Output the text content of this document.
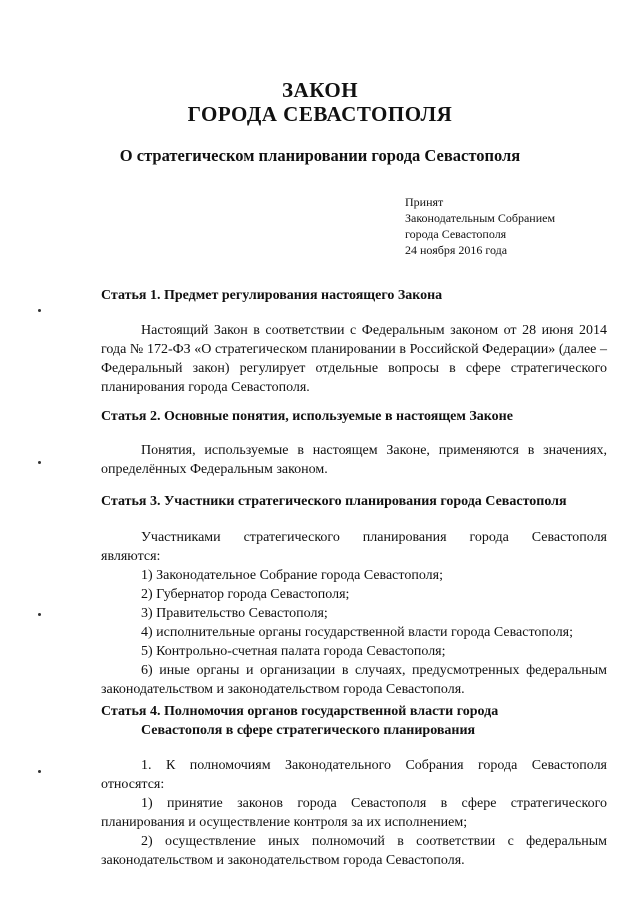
ЗАКОН
ГОРОДА СЕВАСТОПОЛЯ
О стратегическом планировании города Севастополя
Принят
Законодательным Собранием
города Севастополя
24 ноября 2016 года
Статья 1. Предмет регулирования настоящего Закона
Настоящий Закон в соответствии с Федеральным законом от 28 июня 2014 года № 172-ФЗ «О стратегическом планировании в Российской Федерации» (далее – Федеральный закон) регулирует отдельные вопросы в сфере стратегического планирования города Севастополя.
Статья 2. Основные понятия, используемые в настоящем Законе
Понятия, используемые в настоящем Законе, применяются в значениях, определённых Федеральным законом.
Статья 3. Участники стратегического планирования города Севастополя
Участниками стратегического планирования города Севастополя
являются:
1) Законодательное Собрание города Севастополя;
2) Губернатор города Севастополя;
3) Правительство Севастополя;
4) исполнительные органы государственной власти города Севастополя;
5) Контрольно-счетная палата города Севастополя;
6) иные органы и организации в случаях, предусмотренных федеральным законодательством и законодательством города Севастополя.
Статья 4. Полномочия органов государственной власти города
Севастополя в сфере стратегического планирования
1. К полномочиям Законодательного Собрания города Севастополя относятся:
1) принятие законов города Севастополя в сфере стратегического планирования и осуществление контроля за их исполнением;
2) осуществление иных полномочий в соответствии с федеральным законодательством и законодательством города Севастополя.
